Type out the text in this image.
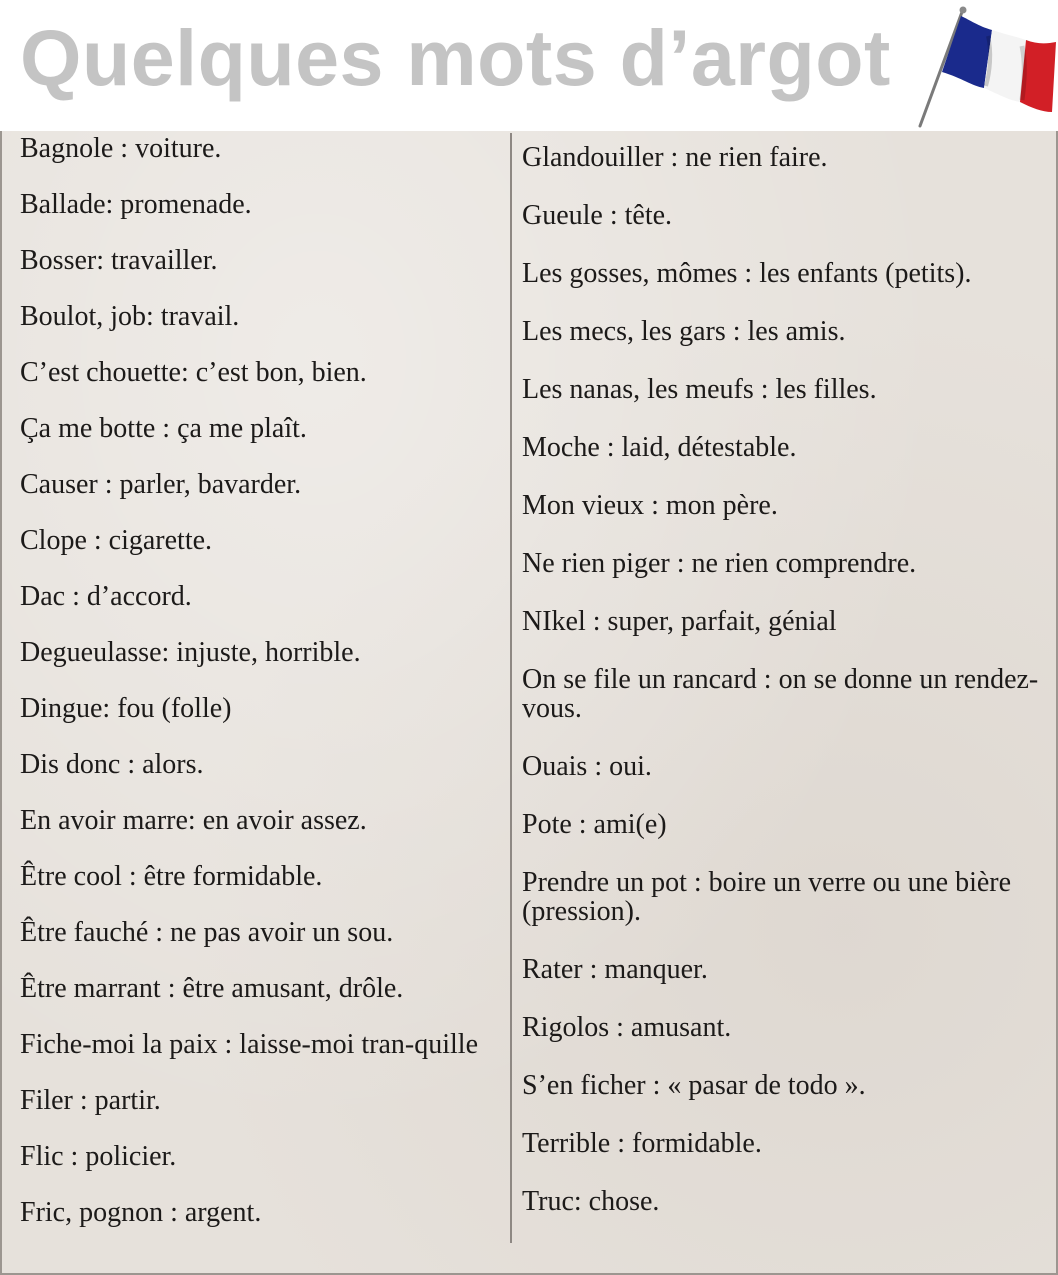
Quelques mots d’argot
Bagnole : voiture.
Ballade: promenade.
Bosser: travailler.
Boulot, job: travail.
C’est chouette: c’est bon, bien.
Ça me botte : ça me plaît.
Causer : parler, bavarder.
Clope : cigarette.
Dac : d’accord.
Degueulasse: injuste, horrible.
Dingue: fou (folle)
Dis donc : alors.
En avoir marre: en avoir assez.
Être cool : être formidable.
Être fauché : ne pas avoir un sou.
Être marrant : être amusant, drôle.
Fiche-moi la paix : laisse-moi tran-quille
Filer : partir.
Flic : policier.
Fric, pognon : argent.
Glandouiller : ne rien faire.
Gueule : tête.
Les gosses, mômes : les enfants (petits).
Les mecs, les gars : les amis.
Les nanas, les meufs : les filles.
Moche : laid, détestable.
Mon vieux : mon père.
Ne rien piger : ne rien comprendre.
NIkel : super, parfait, génial
On se file un rancard : on se donne un rendez-vous.
Ouais : oui.
Pote : ami(e)
Prendre un pot : boire un verre ou une bière (pression).
Rater : manquer.
Rigolos : amusant.
S’en ficher : « pasar de todo ».
Terrible : formidable.
Truc: chose.
